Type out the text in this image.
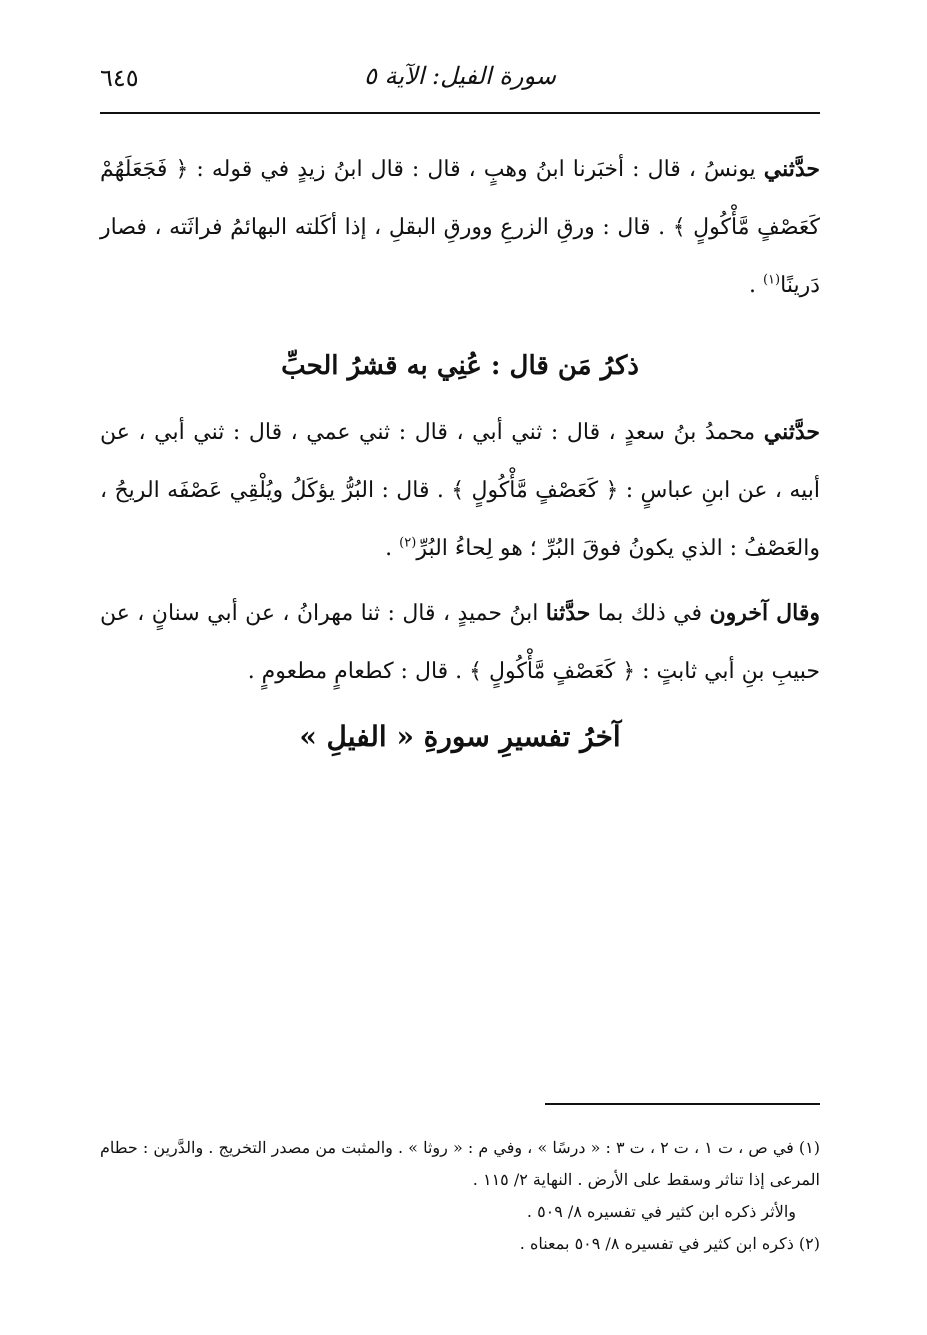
٦٤٥	سورة الفيل: الآية ٥

حدَّثني يونسُ ، قال : أخبَرنا ابنُ وهبٍ ، قال : قال ابنُ زيدٍ في قوله : ﴿ فَجَعَلَهُمْ كَعَصْفٍ مَّأْكُولٍ ﴾ . قال : ورقِ الزرعِ وورقِ البقلِ ، إذا أكَلته البهائمُ فراثَته ، فصار دَرينًا$^{(١)}$ .

ذكرُ مَن قال : عُنِي به قشرُ الحبِّ

حدَّثني محمدُ بنُ سعدٍ ، قال : ثني أبي ، قال : ثني عمي ، قال : ثني أبي ، عن أبيه ، عن ابنِ عباسٍ : ﴿ كَعَصْفٍ مَّأْكُولٍ ﴾ . قال : البُرُّ يؤكَلُ ويُلْقِي عَصْفَه الريحُ ، والعَصْفُ : الذي يكونُ فوقَ البُرِّ ؛ هو لِحاءُ البُرِّ$^{(٢)}$ .

وقال آخرون في ذلك بما حدَّثنا ابنُ حميدٍ ، قال : ثنا مهرانُ ، عن أبي سنانٍ ، عن حبيبِ بنِ أبي ثابتٍ : ﴿ كَعَصْفٍ مَّأْكُولٍ ﴾ . قال : كطعامٍ مطعومٍ .

آخرُ تفسيرِ سورةِ « الفيلِ »

(١) في ص ، ت ١ ، ت ٢ ، ت ٣ : « درسًا » ، وفي م : « روثا » . والمثبت من مصدر التخريج . والدَّرين : حطام المرعى إذا تناثر وسقط على الأرض . النهاية ٢/ ١١٥ .

والأثر ذكره ابن كثير في تفسيره ٨/ ٥٠٩ .

(٢) ذكره ابن كثير في تفسيره ٨/ ٥٠٩ بمعناه .
